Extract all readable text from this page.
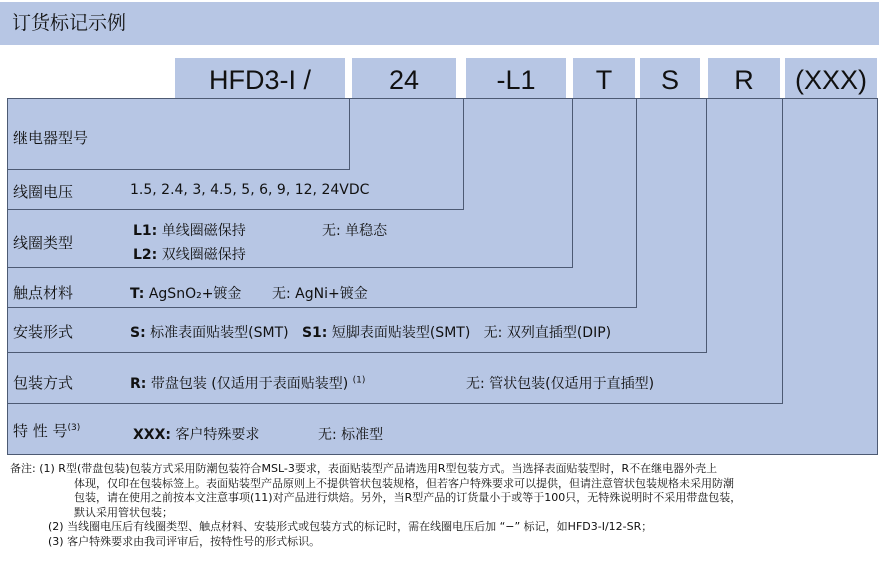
订货标记示例
HFD3-I /	24	-L1	T	S	R	(XXX)
继电器型号
线圈电压	1.5, 2.4, 3, 4.5, 5, 6, 9, 12, 24VDC
线圈类型
L1: 单线圈磁保持	无: 单稳态
L2: 双线圈磁保持
触点材料	T: AgSnO₂+镀金 无: AgNi+镀金
安装形式	S: 标准表面贴装型(SMT) S1: 短脚表面贴装型(SMT) 无: 双列直插型(DIP)
包装方式	R: 带盘包装 (仅适用于表面贴装型) $^{(1)}$	无: 管状包装(仅适用于直插型)
特 性 号$^{(3)}$	XXX: 客户特殊要求	无: 标准型
备注: (1) R型(带盘包装)包装方式采用防潮包装符合MSL-3要求，表面贴装型产品请选用R型包装方式。当选择表面贴装型时，R不在继电器外壳上
体现，仅印在包装标签上。表面贴装型产品原则上不提供管状包装规格，但若客户特殊要求可以提供，但请注意管状包装规格未采用防潮
包装，请在使用之前按本文注意事项(11)对产品进行烘焙。另外，当R型产品的订货量小于或等于100只，无特殊说明时不采用带盘包装，
默认采用管状包装；
(2) 当线圈电压后有线圈类型、触点材料、安装形式或包装方式的标记时，需在线圈电压后加 “−” 标记，如HFD3-I/12-SR；
(3) 客户特殊要求由我司评审后，按特性号的形式标识。
